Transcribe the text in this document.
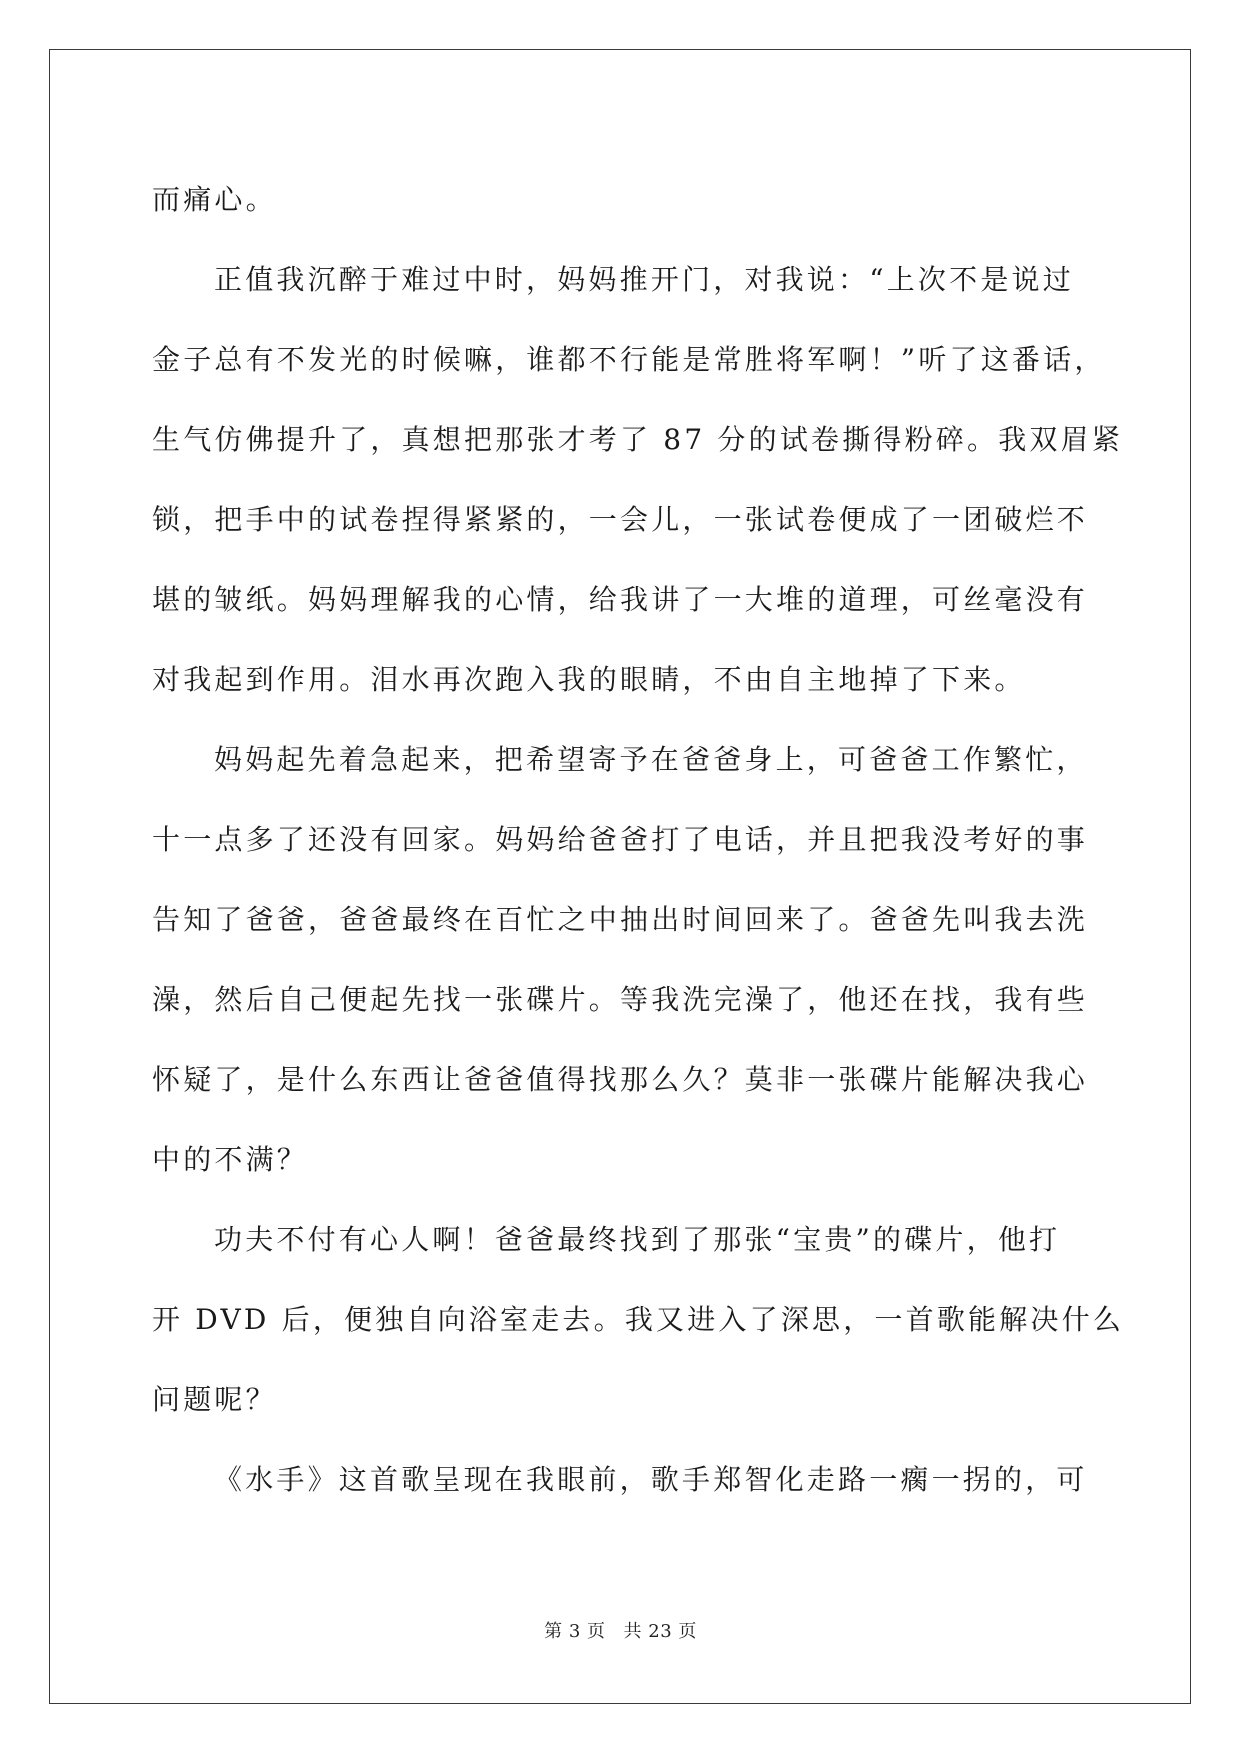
而痛心。
正值我沉醉于难过中时，妈妈推开门，对我说：“上次不是说过
金子总有不发光的时候嘛，谁都不行能是常胜将军啊！”听了这番话，
生气仿佛提升了，真想把那张才考了 87 分的试卷撕得粉碎。我双眉紧
锁，把手中的试卷捏得紧紧的，一会儿，一张试卷便成了一团破烂不
堪的皱纸。妈妈理解我的心情，给我讲了一大堆的道理，可丝毫没有
对我起到作用。泪水再次跑入我的眼睛，不由自主地掉了下来。
妈妈起先着急起来，把希望寄予在爸爸身上，可爸爸工作繁忙，
十一点多了还没有回家。妈妈给爸爸打了电话，并且把我没考好的事
告知了爸爸，爸爸最终在百忙之中抽出时间回来了。爸爸先叫我去洗
澡，然后自己便起先找一张碟片。等我洗完澡了，他还在找，我有些
怀疑了，是什么东西让爸爸值得找那么久？莫非一张碟片能解决我心
中的不满？
功夫不付有心人啊！爸爸最终找到了那张“宝贵”的碟片，他打
开 DVD 后，便独自向浴室走去。我又进入了深思，一首歌能解决什么
问题呢？
《水手》这首歌呈现在我眼前，歌手郑智化走路一瘸一拐的，可
第 3 页 共 23 页
